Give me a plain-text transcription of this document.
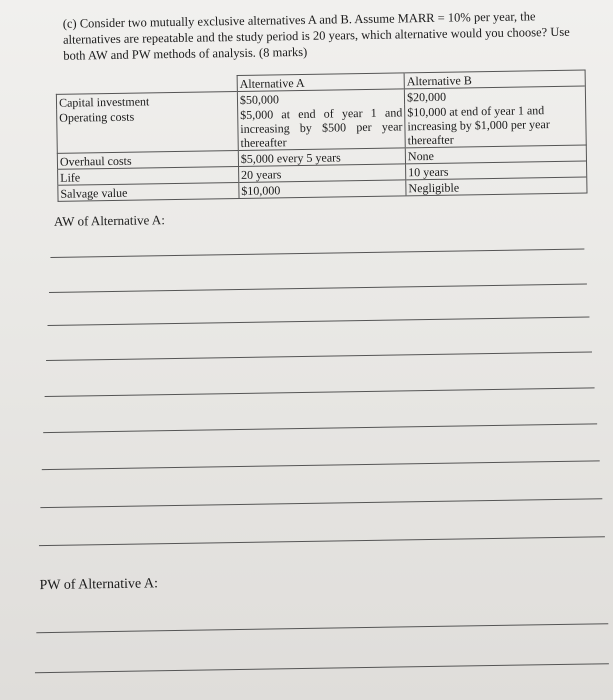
(c) Consider two mutually exclusive alternatives A and B. Assume MARR = 10% per year, the alternatives are repeatable and the study period is 20 years, which alternative would you choose? Use both AW and PW methods of analysis. (8 marks)

	Alternative A	Alternative B
Capital investment	$50,000	$20,000
Operating costs	$5,000 at end of year 1 and increasing by $500 per year thereafter	$10,000 at end of year 1 and increasing by $1,000 per year thereafter
Overhaul costs	$5,000 every 5 years	None
Life	20 years	10 years
Salvage value	$10,000	Negligible

AW of Alternative A:

PW of Alternative A:
